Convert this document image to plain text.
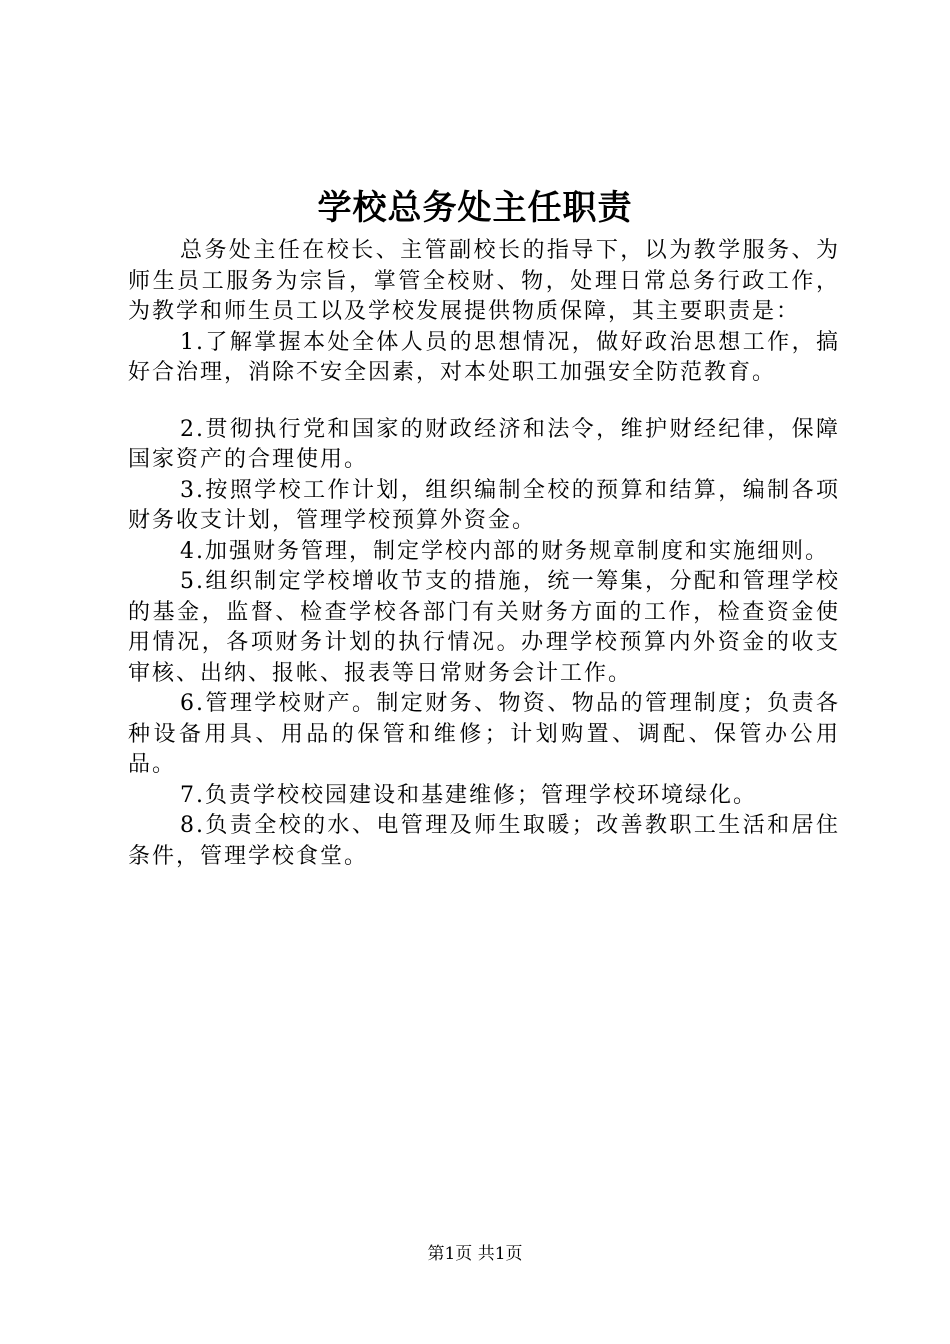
学校总务处主任职责

总务处主任在校长、主管副校长的指导下，以为教学服务、为师生员工服务为宗旨，掌管全校财、物，处理日常总务行政工作，为教学和师生员工以及学校发展提供物质保障，其主要职责是：

1.了解掌握本处全体人员的思想情况，做好政治思想工作，搞好合治理，消除不安全因素，对本处职工加强安全防范教育。

2.贯彻执行党和国家的财政经济和法令，维护财经纪律，保障国家资产的合理使用。

3.按照学校工作计划，组织编制全校的预算和结算，编制各项财务收支计划，管理学校预算外资金。

4.加强财务管理，制定学校内部的财务规章制度和实施细则。

5.组织制定学校增收节支的措施，统一筹集，分配和管理学校的基金，监督、检查学校各部门有关财务方面的工作，检查资金使用情况，各项财务计划的执行情况。办理学校预算内外资金的收支审核、出纳、报帐、报表等日常财务会计工作。

6.管理学校财产。制定财务、物资、物品的管理制度；负责各种设备用具、用品的保管和维修；计划购置、调配、保管办公用品。

7.负责学校校园建设和基建维修；管理学校环境绿化。

8.负责全校的水、电管理及师生取暖；改善教职工生活和居住条件，管理学校食堂。

第1页 共1页
